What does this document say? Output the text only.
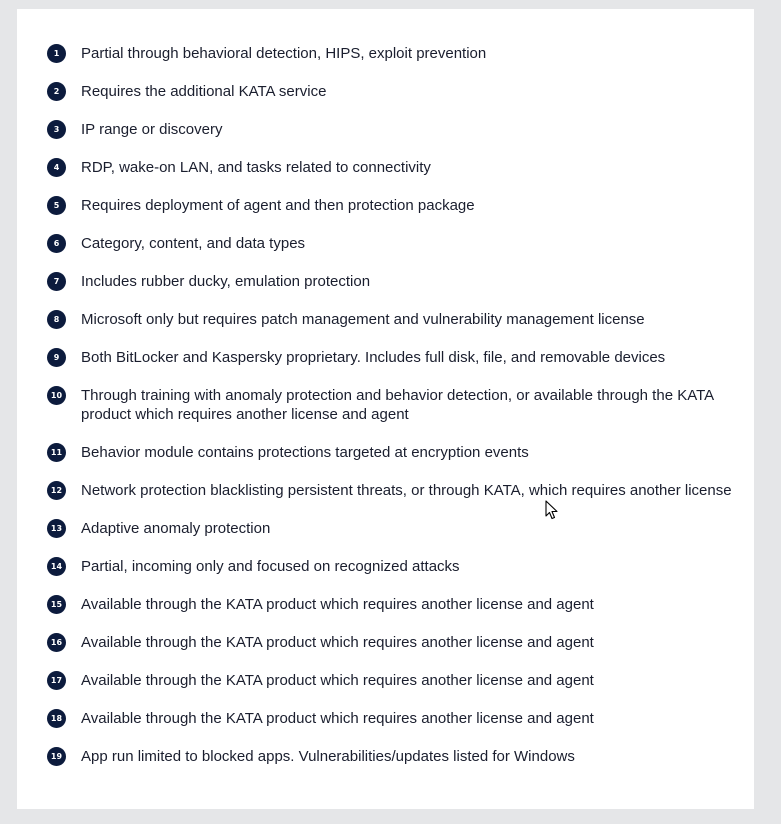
1	Partial through behavioral detection, HIPS, exploit prevention
2	Requires the additional KATA service
3	IP range or discovery
4	RDP, wake-on LAN, and tasks related to connectivity
5	Requires deployment of agent and then protection package
6	Category, content, and data types
7	Includes rubber ducky, emulation protection
8	Microsoft only but requires patch management and vulnerability management license
9	Both BitLocker and Kaspersky proprietary. Includes full disk, file, and removable devices
10 Through training with anomaly protection and behavior detection, or available through the KATA product which requires another license and agent
11 Behavior module contains protections targeted at encryption events
12 Network protection blacklisting persistent threats, or through KATA, which requires another license
13 Adaptive anomaly protection
14 Partial, incoming only and focused on recognized attacks
15 Available through the KATA product which requires another license and agent
16 Available through the KATA product which requires another license and agent
17 Available through the KATA product which requires another license and agent
18 Available through the KATA product which requires another license and agent
19 App run limited to blocked apps. Vulnerabilities/updates listed for Windows
